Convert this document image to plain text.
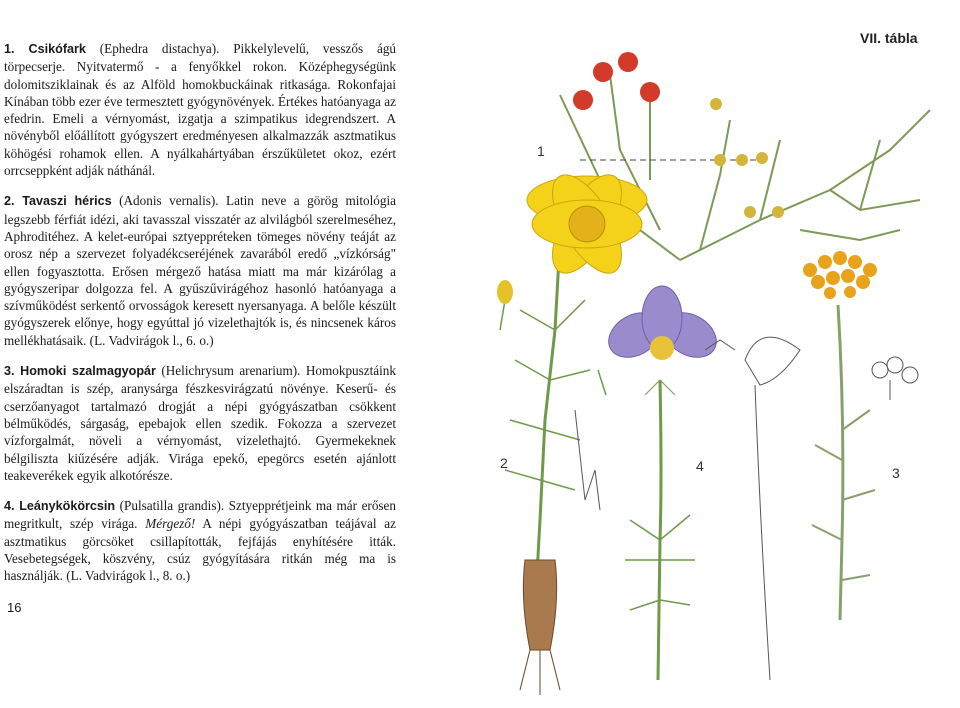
1. Csikófark (Ephedra distachya). Pikkelylevelű, vesszős ágú törpecserje. Nyitvatermő - a fenyőkkel rokon. Középhegységünk dolomitsziklainak és az Alföld homokbuckáinak ritkasága. Rokonfajai Kínában több ezer éve termesztett gyógynövények. Értékes hatóanyaga az efedrin. Emeli a vérnyomást, izgatja a szimpatikus idegrendszert. A növényből előállított gyógyszert eredményesen alkalmazzák asztmatikus köhögési rohamok ellen. A nyálkahártyában érszűkületet okoz, ezért orrcseppként adják náthánál.

2. Tavaszi hérics (Adonis vernalis). Latin neve a görög mitológia legszebb férfiát idézi, aki tavasszal visszatér az alvilágból szerelmeséhez, Aphroditéhez. A kelet-európai sztyeppréteken tömeges növény teáját az orosz nép a szervezet folyadékcseréjének zavarából eredő „vízkórság" ellen fogyasztotta. Erősen mérgező hatása miatt ma már kizárólag a gyógyszeripar dolgozza fel. A gyűszűvirágéhoz hasonló hatóanyaga a szívműködést serkentő orvosságok keresett nyersanyaga. A belőle készült gyógyszerek előnye, hogy egyúttal jó vizelethajtók is, és nincsenek káros mellékhatásaik. (L. Vadvirágok l., 6. o.)

3. Homoki szalmagyopár (Helichrysum arenarium). Homokpusztáink elszáradtan is szép, aranysárga fészkesvirágzatú növénye. Keserű- és cserzőanyagot tartalmazó drogját a népi gyógyászatban csökkent bélműködés, sárgaság, epebajok ellen szedik. Fokozza a szervezet vízforgalmát, növeli a vérnyomást, vizelethajtó. Gyermekeknek bélgiliszta kiűzésére adják. Virága epekő, epegörcs esetén ajánlott teakeverékek egyik alkotórésze.

4. Leánykökörcsin (Pulsatilla grandis). Sztyepprétjeink ma már erősen megritkult, szép virága. Mérgező! A népi gyógyászatban teájával az asztmatikus görcsöket csillapították, fejfájás enyhítésére itták. Vesebetegségek, köszvény, csúz gyógyítására ritkán még ma is használják. (L. Vadvirágok l., 8. o.)

16
VII. tábla
1
2	4	3
